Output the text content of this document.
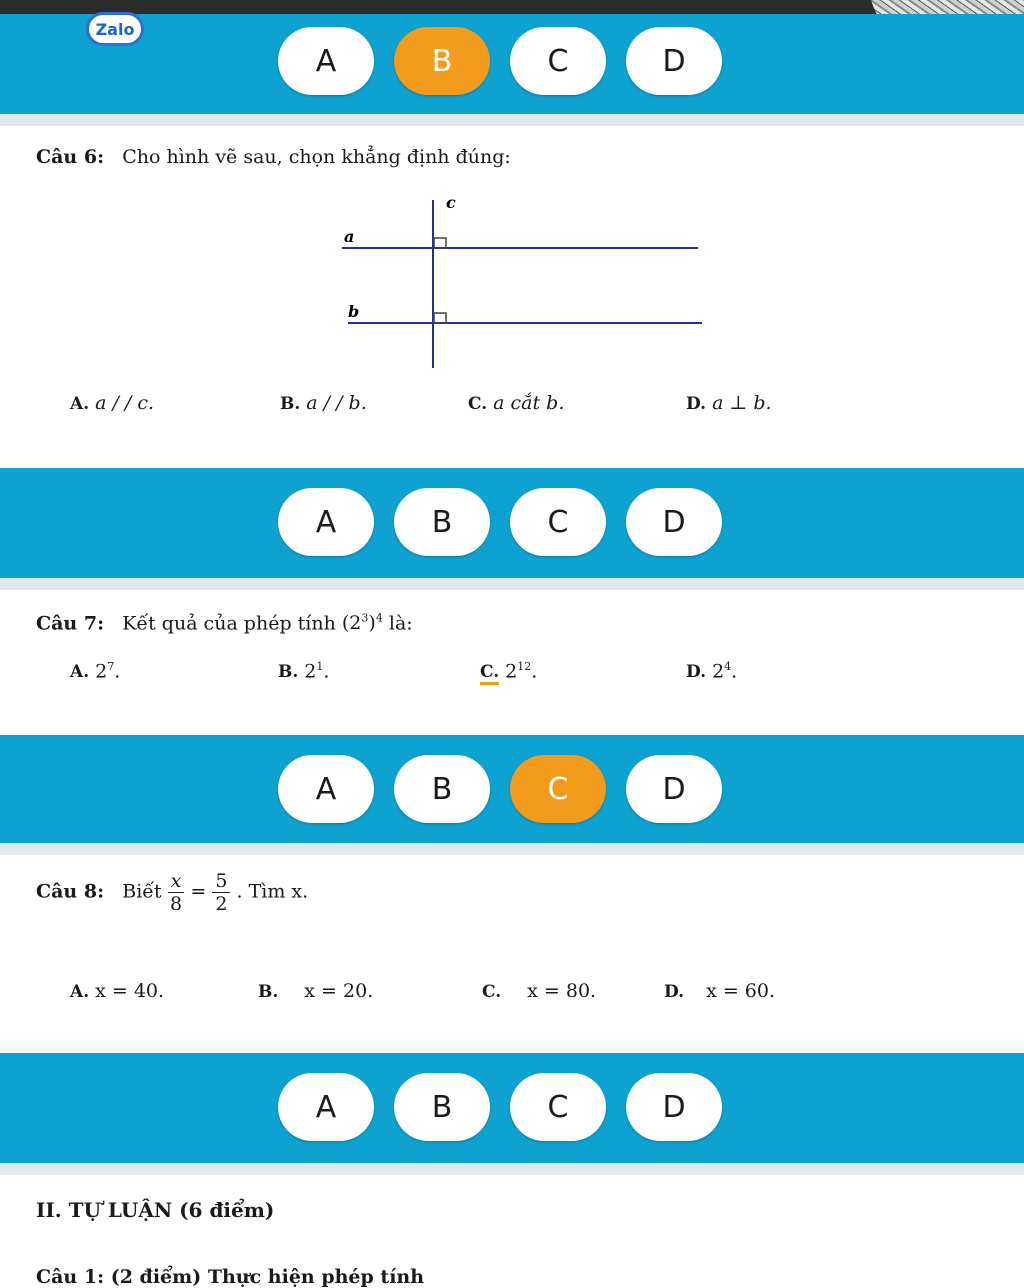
Zalo
A	B	C	D
Câu 6: Cho hình vẽ sau, chọn khẳng định đúng:
c
a
b
A. a / / c.	B. a / / b.	C. a cắt b.	D. a ⊥ b.
A	B	C	D
Câu 7: Kết quả của phép tính $(2^3)^4$ là:
A. $2^7$.	B. $2^1$.	C. $2^{12}$.	D. $2^4$.
A	B	C	D
Câu 8: Biết $\frac{x}{8} = \frac{5}{2}$ . Tìm x.
A. x = 40.	B. x = 20.	C. x = 80.	D. x = 60.
A	B	C	D
II. TỰ LUẬN (6 điểm)
Câu 1: (2 điểm) Thực hiện phép tính
